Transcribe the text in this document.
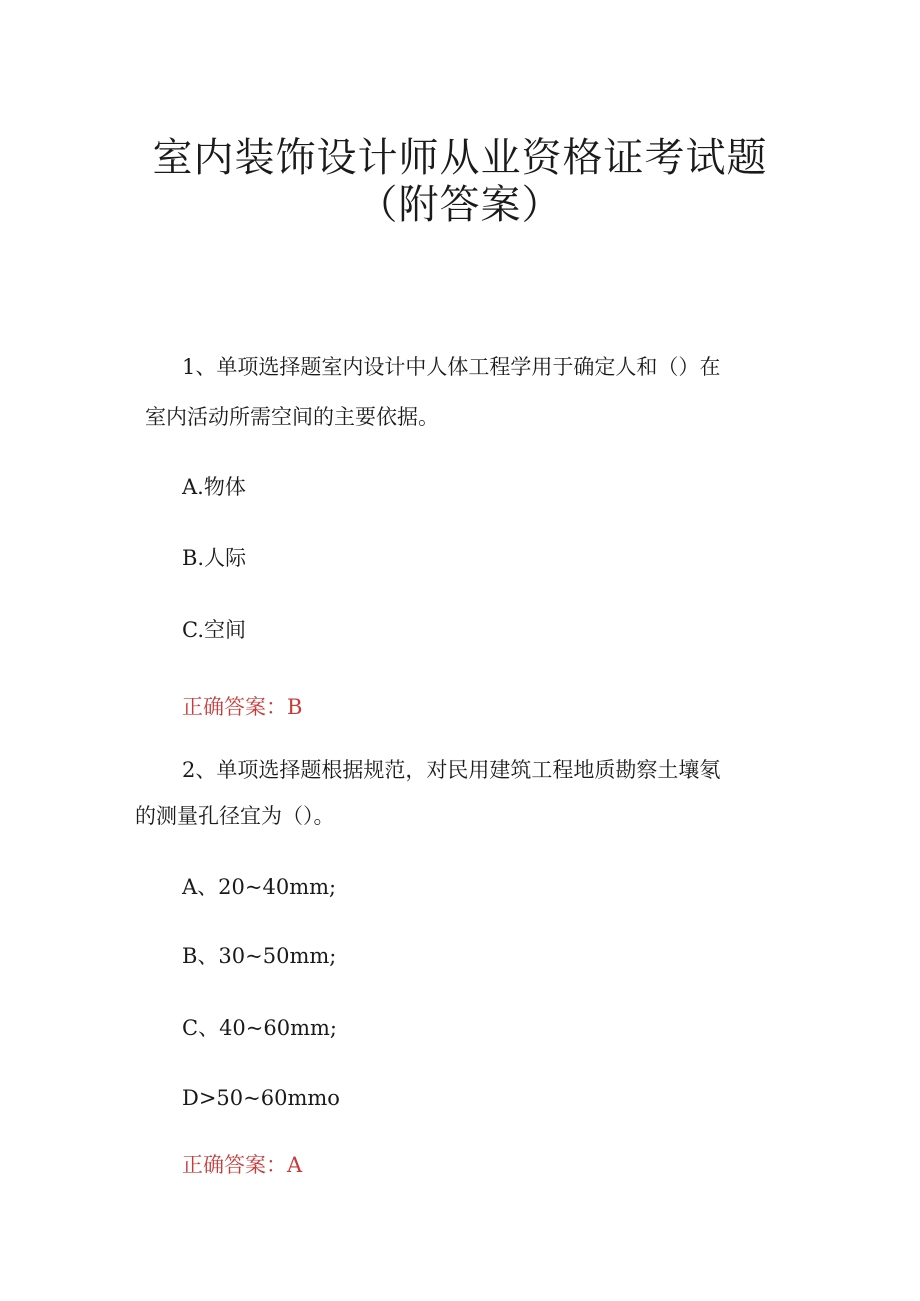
室内装饰设计师从业资格证考试题
（附答案）
1、单项选择题室内设计中人体工程学用于确定人和（）在
室内活动所需空间的主要依据。
A.物体
B.人际
C.空间
正确答案：B
2、单项选择题根据规范，对民用建筑工程地质勘察土壤氡
的测量孔径宜为（）。
A、20~40mm;
B、30~50mm;
C、40~60mm;
D>50~60mmo
正确答案：A
